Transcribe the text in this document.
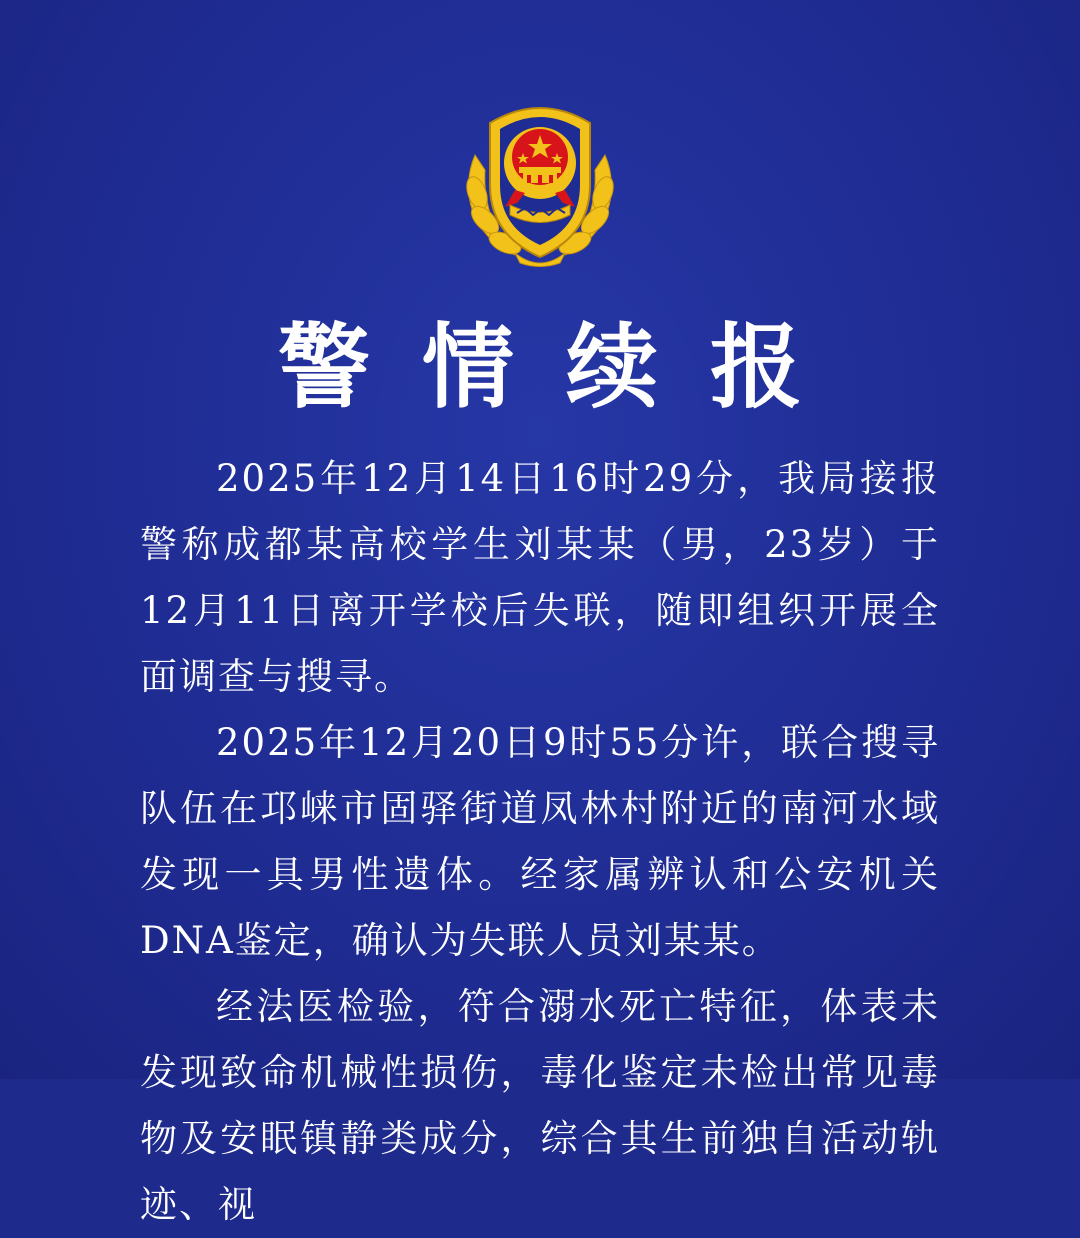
警情续报

2025年12月14日16时29分，我局接报警称成都某高校学生刘某某（男，23岁）于12月11日离开学校后失联，随即组织开展全面调查与搜寻。

2025年12月20日9时55分许，联合搜寻队伍在邛崃市固驿街道凤林村附近的南河水域发现一具男性遗体。经家属辨认和公安机关DNA鉴定，确认为失联人员刘某某。

经法医检验，符合溺水死亡特征，体表未发现致命机械性损伤，毒化鉴定未检出常见毒物及安眠镇静类成分，综合其生前独自活动轨迹、视
